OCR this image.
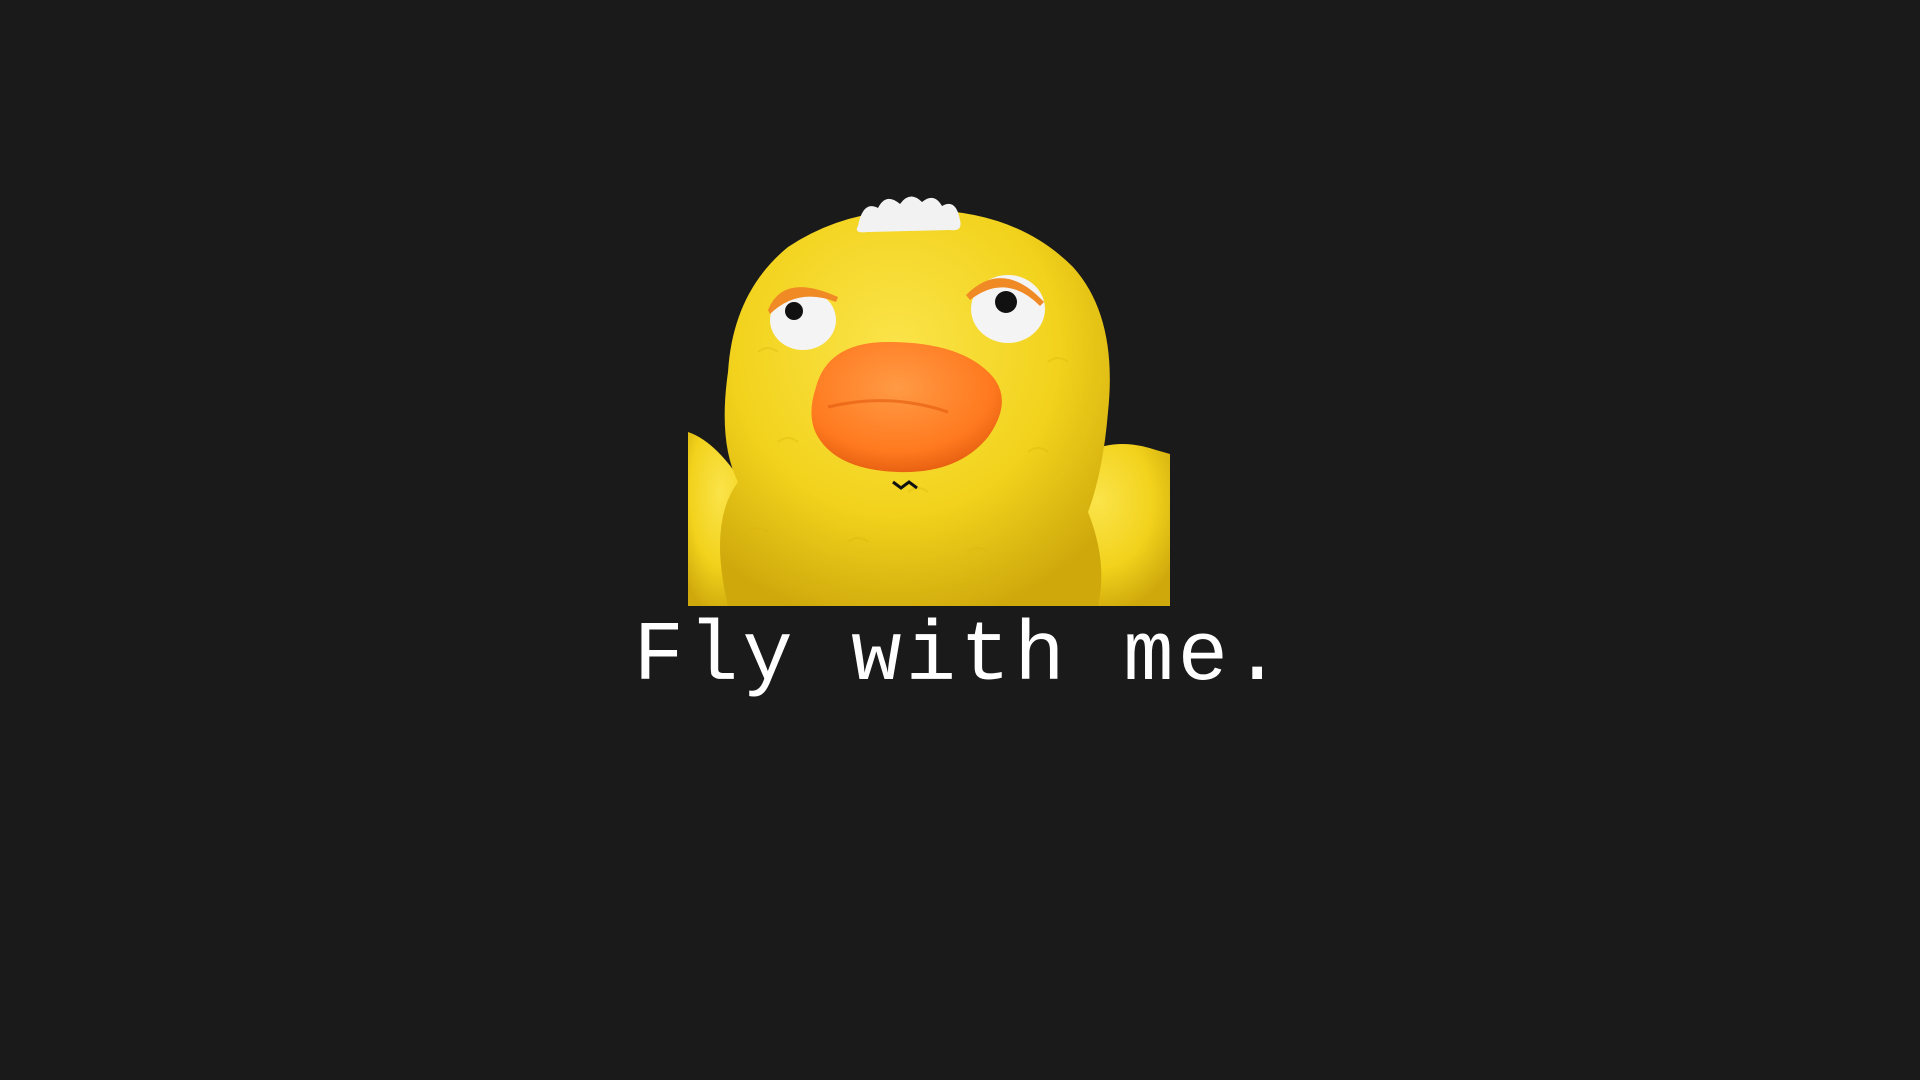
Fly with me.
